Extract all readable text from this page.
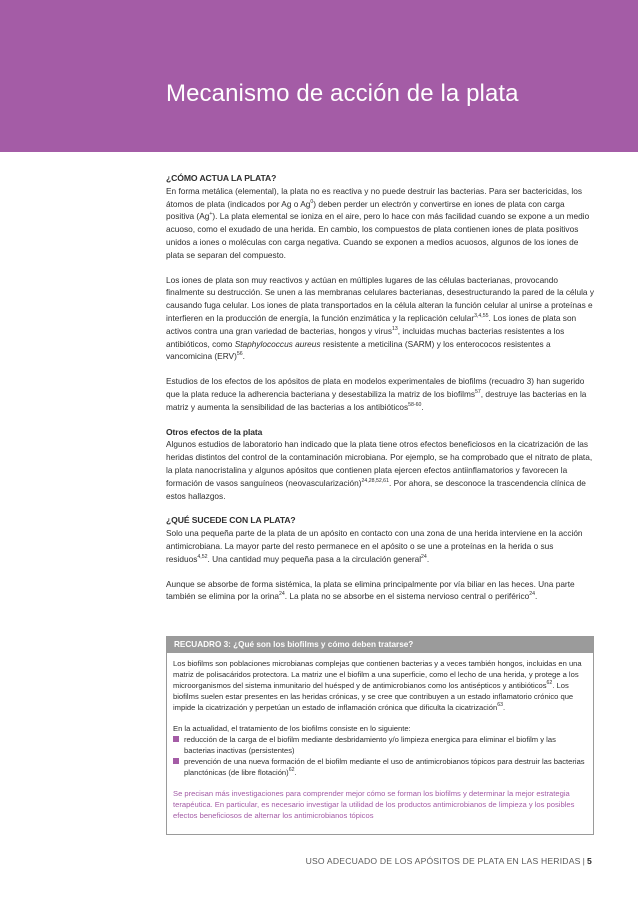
Mecanismo de acción de la plata
¿CÓMO ACTUA LA PLATA?

En forma metálica (elemental), la plata no es reactiva y no puede destruir las bacterias. Para ser bactericidas, los átomos de plata (indicados por Ag o Ag$^0$) deben perder un electrón y convertirse en iones de plata con carga positiva (Ag+). La plata elemental se ioniza en el aire, pero lo hace con más facilidad cuando se expone a un medio acuoso, como el exudado de una herida. En cambio, los compuestos de plata contienen iones de plata positivos unidos a iones o moléculas con carga negativa. Cuando se exponen a medios acuosos, algunos de los iones de plata se separan del compuesto.

Los iones de plata son muy reactivos y actúan en múltiples lugares de las células bacterianas, provocando finalmente su destrucción. Se unen a las membranas celulares bacterianas, desestructurando la pared de la célula y causando fuga celular. Los iones de plata transportados en la célula alteran la función celular al unirse a proteínas e interfieren en la producción de energía, la función enzimática y la replicación celular$^{3,4,55}$. Los iones de plata son activos contra una gran variedad de bacterias, hongos y virus$^{13}$, incluidas muchas bacterias resistentes a los antibióticos, como Staphylococcus aureus resistente a meticilina (SARM) y los enterococos resistentes a vancomicina (ERV)$^{56}$.

Estudios de los efectos de los apósitos de plata en modelos experimentales de biofilms (recuadro 3) han sugerido que la plata reduce la adherencia bacteriana y desestabiliza la matriz de los biofilms$^{57}$, destruye las bacterias en la matriz y aumenta la sensibilidad de las bacterias a los antibióticos$^{58-60}$.

Otros efectos de la plata

Algunos estudios de laboratorio han indicado que la plata tiene otros efectos beneficiosos en la cicatrización de las heridas distintos del control de la contaminación microbiana. Por ejemplo, se ha comprobado que el nitrato de plata, la plata nanocristalina y algunos apósitos que contienen plata ejercen efectos antiinflamatorios y favorecen la formación de vasos sanguíneos (neovascularización)$^{24,28,52,61}$. Por ahora, se desconoce la trascendencia clínica de estos hallazgos.

¿QUÉ SUCEDE CON LA PLATA?

Solo una pequeña parte de la plata de un apósito en contacto con una zona de una herida interviene en la acción antimicrobiana. La mayor parte del resto permanece en el apósito o se une a proteínas en la herida o sus residuos$^{4,52}$. Una cantidad muy pequeña pasa a la circulación general$^{24}$.

Aunque se absorbe de forma sistémica, la plata se elimina principalmente por vía biliar en las heces. Una parte también se elimina por la orina$^{24}$. La plata no se absorbe en el sistema nervioso central o periférico$^{24}$.

RECUADRO 3: ¿Qué son los biofilms y cómo deben tratarse?

Los biofilms son poblaciones microbianas complejas que contienen bacterias y a veces también hongos, incluidas en una matriz de polisacáridos protectora. La matriz une el biofilm a una superficie, como el lecho de una herida, y protege a los microorganismos del sistema inmunitario del huésped y de antimicrobianos como los antisépticos y antibióticos$^{62}$. Los biofilms suelen estar presentes en las heridas crónicas, y se cree que contribuyen a un estado inflamatorio crónico que impide la cicatrización y perpetúan un estado de inflamación crónica que dificulta la cicatrización$^{63}$.

En la actualidad, el tratamiento de los biofilms consiste en lo siguiente:

reducción de la carga de el biofilm mediante desbridamiento y/o limpieza energica para eliminar el biofilm y las bacterias inactivas (persistentes)
prevención de una nueva formación de el biofilm mediante el uso de antimicrobianos tópicos para destruir las bacterias planctónicas (de libre flotación)$^{62}$.

Se precisan más investigaciones para comprender mejor cómo se forman los biofilms y determinar la mejor estrategia terapéutica. En particular, es necesario investigar la utilidad de los productos antimicrobianos de limpieza y los posibles efectos beneficiosos de alternar los antimicrobianos tópicos

USO ADECUADO DE LOS APÓSITOS DE PLATA EN LAS HERIDAS | 5
